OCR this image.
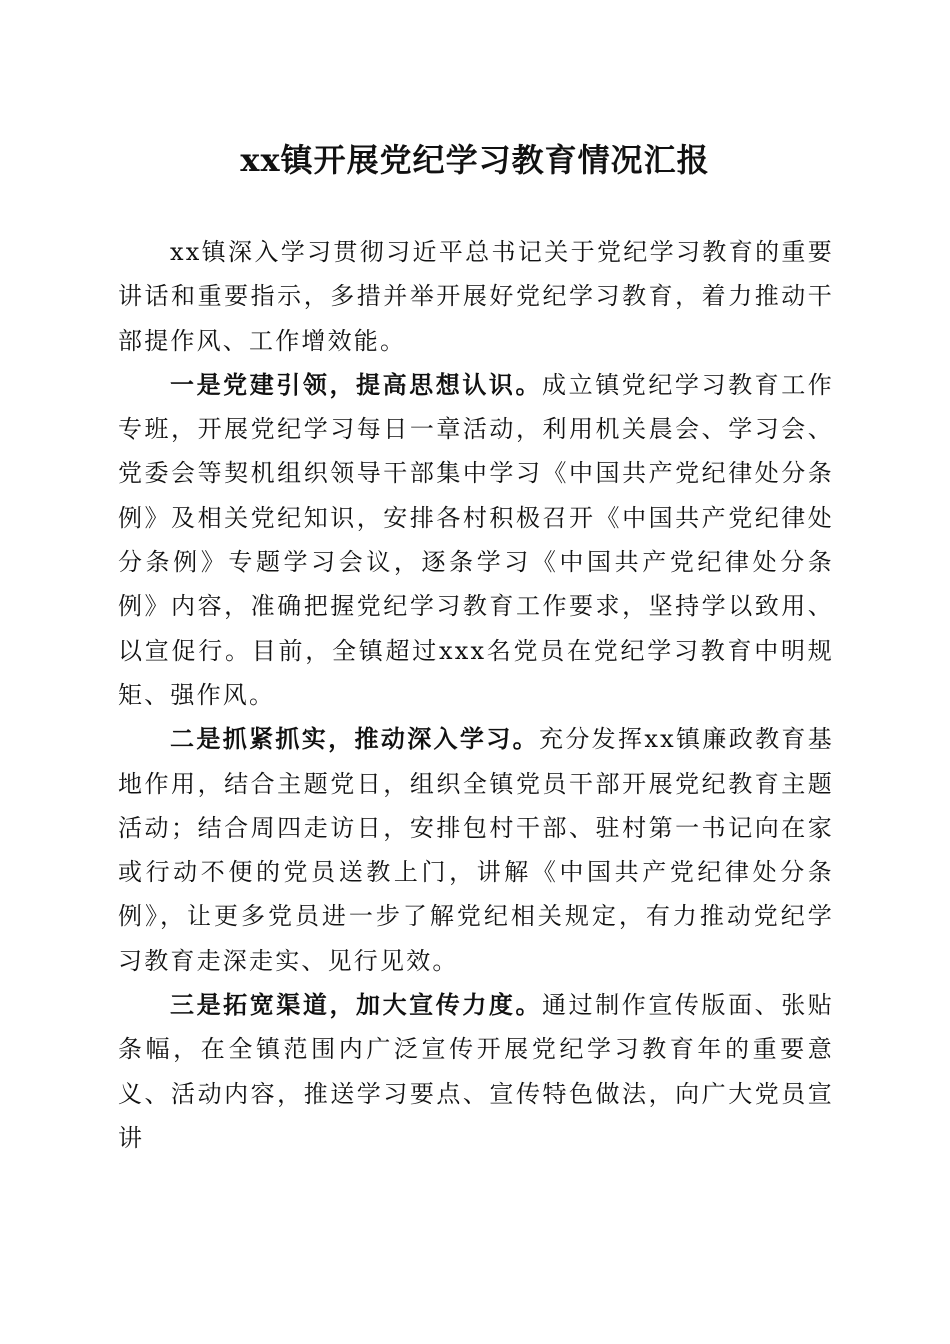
xx镇开展党纪学习教育情况汇报

xx镇深入学习贯彻习近平总书记关于党纪学习教育的重要讲话和重要指示，多措并举开展好党纪学习教育，着力推动干部提作风、工作增效能。

一是党建引领，提高思想认识。成立镇党纪学习教育工作专班，开展党纪学习每日一章活动，利用机关晨会、学习会、党委会等契机组织领导干部集中学习《中国共产党纪律处分条例》及相关党纪知识，安排各村积极召开《中国共产党纪律处分条例》专题学习会议，逐条学习《中国共产党纪律处分条例》内容，准确把握党纪学习教育工作要求，坚持学以致用、以宣促行。目前，全镇超过xxx名党员在党纪学习教育中明规矩、强作风。

二是抓紧抓实，推动深入学习。充分发挥xx镇廉政教育基地作用，结合主题党日，组织全镇党员干部开展党纪教育主题活动；结合周四走访日，安排包村干部、驻村第一书记向在家或行动不便的党员送教上门，讲解《中国共产党纪律处分条例》，让更多党员进一步了解党纪相关规定，有力推动党纪学习教育走深走实、见行见效。

三是拓宽渠道，加大宣传力度。通过制作宣传版面、张贴条幅，在全镇范围内广泛宣传开展党纪学习教育年的重要意义、活动内容，推送学习要点、宣传特色做法，向广大党员宣讲
